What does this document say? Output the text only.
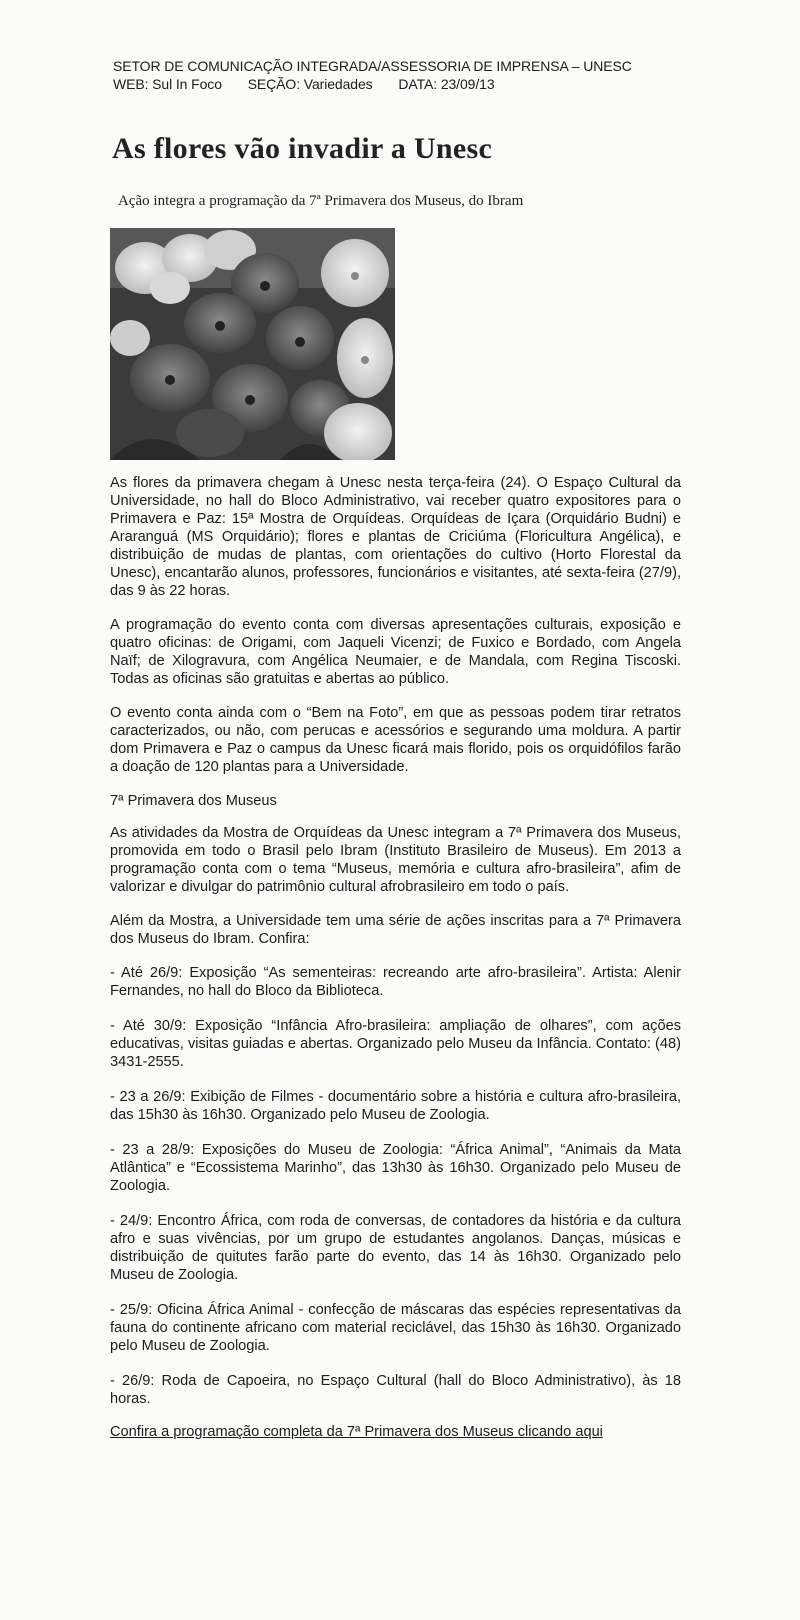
SETOR DE COMUNICAÇÃO INTEGRADA/ASSESSORIA DE IMPRENSA – UNESC
WEB: Sul In Foco SEÇÃO: Variedades DATA: 23/09/13
As flores vão invadir a Unesc

Ação integra a programação da 7ª Primavera dos Museus, do Ibram

As flores da primavera chegam à Unesc nesta terça-feira (24). O Espaço Cultural da Universidade, no hall do Bloco Administrativo, vai receber quatro expositores para o Primavera e Paz: 15ª Mostra de Orquídeas. Orquídeas de Içara (Orquidário Budni) e Araranguá (MS Orquidário); flores e plantas de Criciúma (Floricultura Angélica), e distribuição de mudas de plantas, com orientações do cultivo (Horto Florestal da Unesc), encantarão alunos, professores, funcionários e visitantes, até sexta-feira (27/9), das 9 às 22 horas.

A programação do evento conta com diversas apresentações culturais, exposição e quatro oficinas: de Origami, com Jaqueli Vicenzi; de Fuxico e Bordado, com Angela Naïf; de Xilogravura, com Angélica Neumaier, e de Mandala, com Regina Tiscoski. Todas as oficinas são gratuitas e abertas ao público.

O evento conta ainda com o “Bem na Foto”, em que as pessoas podem tirar retratos caracterizados, ou não, com perucas e acessórios e segurando uma moldura. A partir dom Primavera e Paz o campus da Unesc ficará mais florido, pois os orquidófilos farão a doação de 120 plantas para a Universidade.

7ª Primavera dos Museus

As atividades da Mostra de Orquídeas da Unesc integram a 7ª Primavera dos Museus, promovida em todo o Brasil pelo Ibram (Instituto Brasileiro de Museus). Em 2013 a programação conta com o tema “Museus, memória e cultura afro-brasileira”, afim de valorizar e divulgar do patrimônio cultural afrobrasileiro em todo o país.

Além da Mostra, a Universidade tem uma série de ações inscritas para a 7ª Primavera dos Museus do Ibram. Confira:

- Até 26/9: Exposição “As sementeiras: recreando arte afro-brasileira”. Artista: Alenir Fernandes, no hall do Bloco da Biblioteca.

- Até 30/9: Exposição “Infância Afro-brasileira: ampliação de olhares”, com ações educativas, visitas guiadas e abertas. Organizado pelo Museu da Infância. Contato: (48) 3431-2555.

- 23 a 26/9: Exibição de Filmes - documentário sobre a história e cultura afro-brasileira, das 15h30 às 16h30. Organizado pelo Museu de Zoologia.

- 23 a 28/9: Exposições do Museu de Zoologia: “África Animal”, “Animais da Mata Atlântica” e “Ecossistema Marinho”, das 13h30 às 16h30. Organizado pelo Museu de Zoologia.

- 24/9: Encontro África, com roda de conversas, de contadores da história e da cultura afro e suas vivências, por um grupo de estudantes angolanos. Danças, músicas e distribuição de quitutes farão parte do evento, das 14 às 16h30. Organizado pelo Museu de Zoologia.

- 25/9: Oficina África Animal - confecção de máscaras das espécies representativas da fauna do continente africano com material reciclável, das 15h30 às 16h30. Organizado pelo Museu de Zoologia.

- 26/9: Roda de Capoeira, no Espaço Cultural (hall do Bloco Administrativo), às 18 horas.

Confira a programação completa da 7ª Primavera dos Museus clicando aqui
